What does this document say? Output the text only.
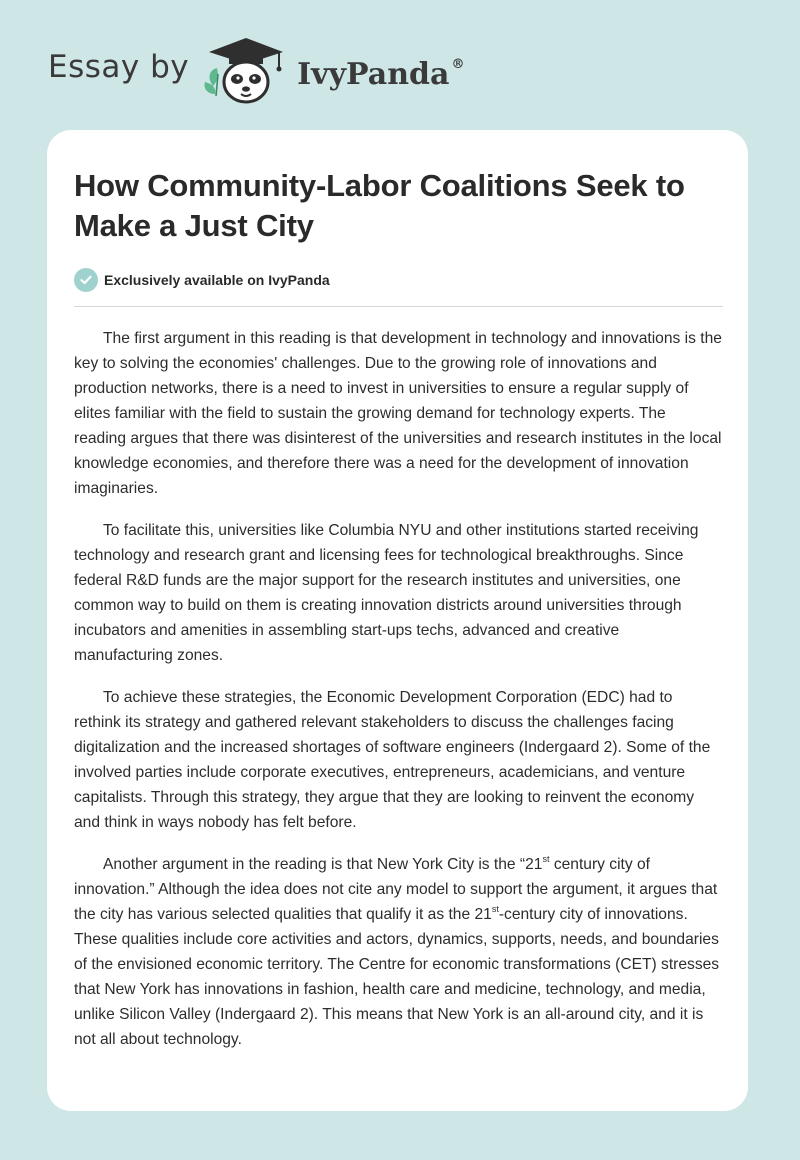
Essay by	IvyPanda ®
How Community-Labor Coalitions Seek to Make a Just City
Exclusively available on IvyPanda

The first argument in this reading is that development in technology and innovations is the key to solving the economies' challenges. Due to the growing role of innovations and production networks, there is a need to invest in universities to ensure a regular supply of elites familiar with the field to sustain the growing demand for technology experts. The reading argues that there was disinterest of the universities and research institutes in the local knowledge economies, and therefore there was a need for the development of innovation imaginaries.

To facilitate this, universities like Columbia NYU and other institutions started receiving technology and research grant and licensing fees for technological breakthroughs. Since federal R&D funds are the major support for the research institutes and universities, one common way to build on them is creating innovation districts around universities through incubators and amenities in assembling start-ups techs, advanced and creative manufacturing zones.

To achieve these strategies, the Economic Development Corporation (EDC) had to rethink its strategy and gathered relevant stakeholders to discuss the challenges facing digitalization and the increased shortages of software engineers (Indergaard 2). Some of the involved parties include corporate executives, entrepreneurs, academicians, and venture capitalists. Through this strategy, they argue that they are looking to reinvent the economy and think in ways nobody has felt before.

Another argument in the reading is that New York City is the “21st century city of innovation.” Although the idea does not cite any model to support the argument, it argues that the city has various selected qualities that qualify it as the 21st-century city of innovations. These qualities include core activities and actors, dynamics, supports, needs, and boundaries of the envisioned economic territory. The Centre for economic transformations (CET) stresses that New York has innovations in fashion, health care and medicine, technology, and media, unlike Silicon Valley (Indergaard 2). This means that New York is an all-around city, and it is not all about technology.
